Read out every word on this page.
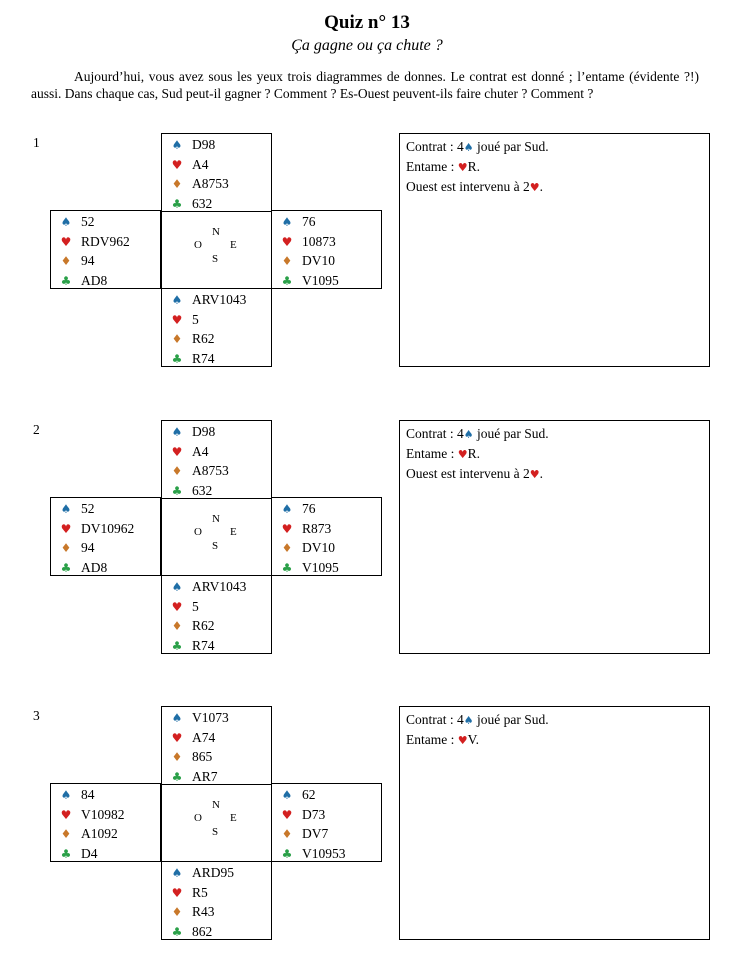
Quiz n° 13
Ça gagne ou ça chute ?
Aujourd’hui, vous avez sous les yeux trois diagrammes de donnes. Le contrat est donné ; l’entame (évidente ?!) aussi. Dans chaque cas, Sud peut-il gagner ? Comment ? Es-Ouest peuvent-ils faire chuter ? Comment ?
1
N
O	E
S
♠ D98
♥ A4
♦ A8753
♣ 632
♠ 52
♥ RDV962
♦ 94
♣ AD8
♠ 76
♥ 10873
♦ DV10
♣ V1095
♠ ARV1043
♥ 5
♦ R62
♣ R74
Contrat : 4♠ joué par Sud.
Entame : ♥R.
Ouest est intervenu à 2♥.
2
N
O	E
S
♠ D98
♥ A4
♦ A8753
♣ 632
♠ 52
♥ DV10962
♦ 94
♣ AD8
♠ 76
♥ R873
♦ DV10
♣ V1095
♠ ARV1043
♥ 5
♦ R62
♣ R74
Contrat : 4♠ joué par Sud.
Entame : ♥R.
Ouest est intervenu à 2♥.
3
N
O	E
S
♠ V1073
♥ A74
♦ 865
♣ AR7
♠ 84
♥ V10982
♦ A1092
♣ D4
♠ 62
♥ D73
♦ DV7
♣ V10953
♠ ARD95
♥ R5
♦ R43
♣ 862
Contrat : 4♠ joué par Sud.
Entame : ♥V.
